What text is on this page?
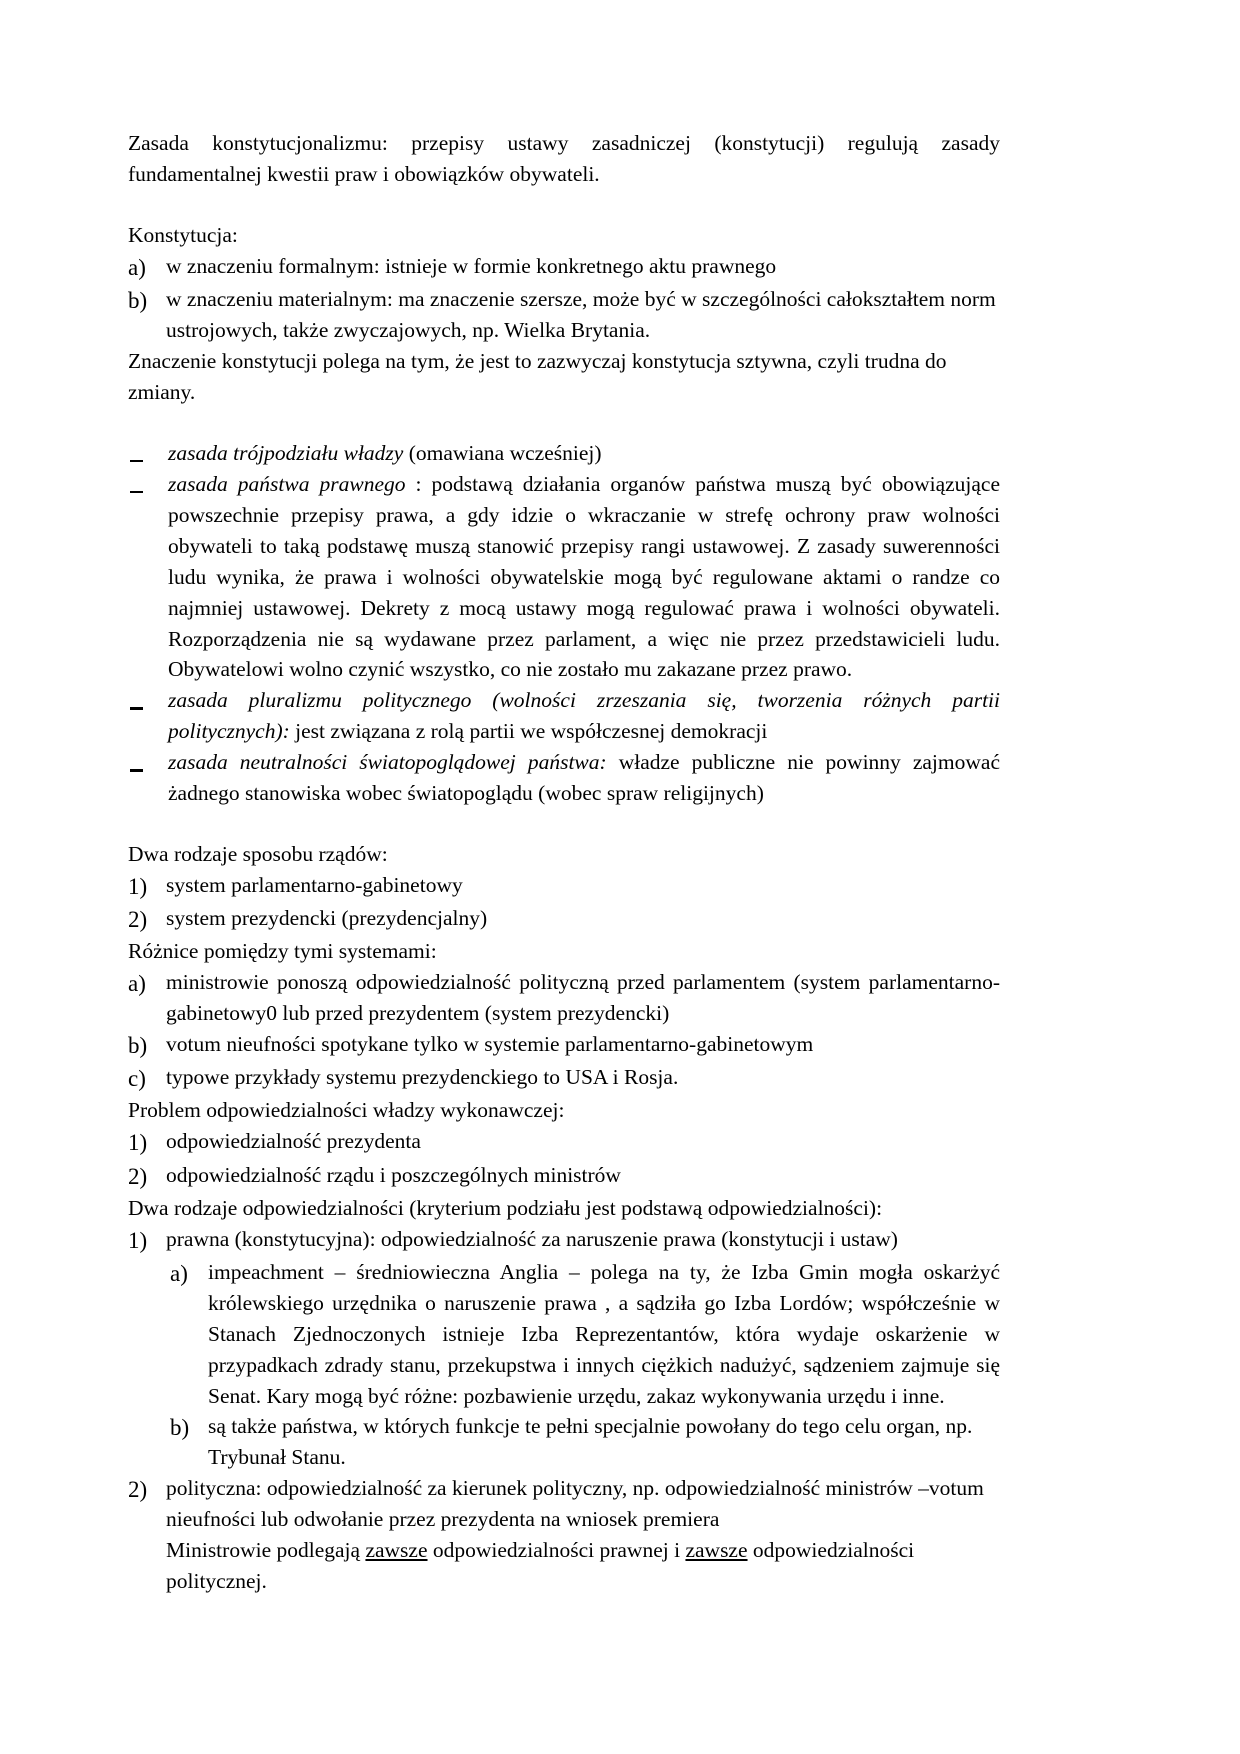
Zasada konstytucjonalizmu: przepisy ustawy zasadniczej (konstytucji) regulują zasady fundamentalnej kwestii praw i obowiązków obywateli.

Konstytucja:

a) w znaczeniu formalnym: istnieje w formie konkretnego aktu prawnego
b) w znaczeniu materialnym: ma znaczenie szersze, może być w szczególności całokształtem norm ustrojowych, także zwyczajowych, np. Wielka Brytania.

Znaczenie konstytucji polega na tym, że jest to zazwyczaj konstytucja sztywna, czyli trudna do zmiany.

zasada trójpodziału władzy (omawiana wcześniej)
zasada państwa prawnego : podstawą działania organów państwa muszą być obowiązujące powszechnie przepisy prawa, a gdy idzie o wkraczanie w strefę ochrony praw wolności obywateli to taką podstawę muszą stanowić przepisy rangi ustawowej. Z zasady suwerenności ludu wynika, że prawa i wolności obywatelskie mogą być regulowane aktami o randze co najmniej ustawowej. Dekrety z mocą ustawy mogą regulować prawa i wolności obywateli. Rozporządzenia nie są wydawane przez parlament, a więc nie przez przedstawicieli ludu. Obywatelowi wolno czynić wszystko, co nie zostało mu zakazane przez prawo.
zasada pluralizmu politycznego (wolności zrzeszania się, tworzenia różnych partii politycznych): jest związana z rolą partii we współczesnej demokracji
zasada neutralności światopoglądowej państwa: władze publiczne nie powinny zajmować żadnego stanowiska wobec światopoglądu (wobec spraw religijnych)

Dwa rodzaje sposobu rządów:

1) system parlamentarno-gabinetowy
2) system prezydencki (prezydencjalny)

Różnice pomiędzy tymi systemami:

a) ministrowie ponoszą odpowiedzialność polityczną przed parlamentem (system parlamentarno-gabinetowy0 lub przed prezydentem (system prezydencki)
b) votum nieufności spotykane tylko w systemie parlamentarno-gabinetowym
c) typowe przykłady systemu prezydenckiego to USA i Rosja.

Problem odpowiedzialności władzy wykonawczej:

1) odpowiedzialność prezydenta
2) odpowiedzialność rządu i poszczególnych ministrów

Dwa rodzaje odpowiedzialności (kryterium podziału jest podstawą odpowiedzialności):

1) prawna (konstytucyjna): odpowiedzialność za naruszenie prawa (konstytucji i ustaw)
a) impeachment – średniowieczna Anglia – polega na ty, że Izba Gmin mogła oskarżyć królewskiego urzędnika o naruszenie prawa , a sądziła go Izba Lordów; współcześnie w Stanach Zjednoczonych istnieje Izba Reprezentantów, która wydaje oskarżenie w przypadkach zdrady stanu, przekupstwa i innych ciężkich nadużyć, sądzeniem zajmuje się Senat. Kary mogą być różne: pozbawienie urzędu, zakaz wykonywania urzędu i inne.
b) są także państwa, w których funkcje te pełni specjalnie powołany do tego celu organ, np. Trybunał Stanu.
2) polityczna: odpowiedzialność za kierunek polityczny, np. odpowiedzialność ministrów –votum nieufności lub odwołanie przez prezydenta na wniosek premiera
Ministrowie podlegają zawsze odpowiedzialności prawnej i zawsze odpowiedzialności politycznej.
